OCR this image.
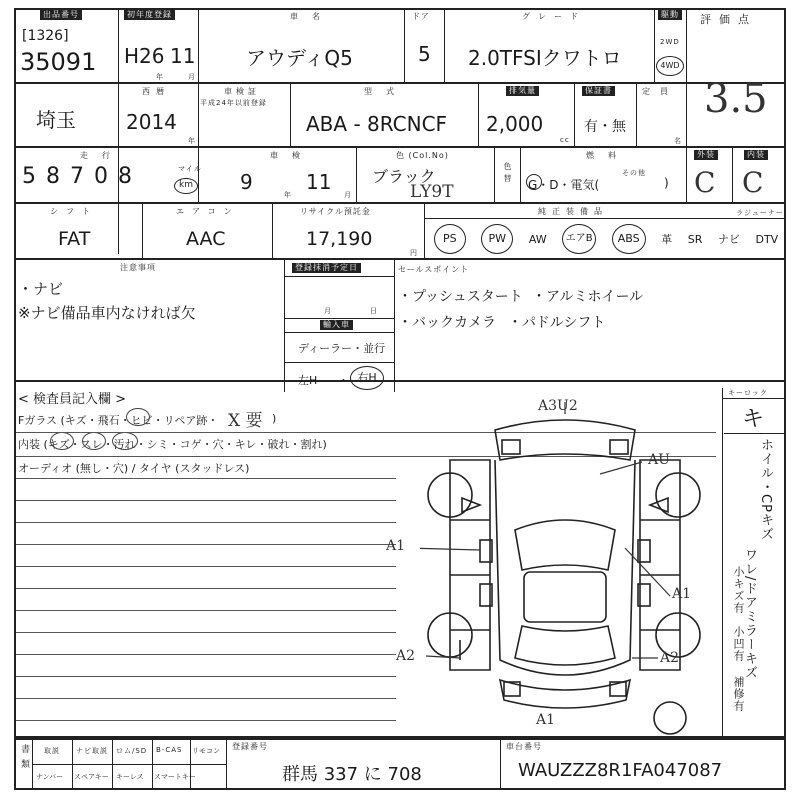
出品番号
[1326]
35091
初年度登録
H26 11
年	月
車名
アウディQ5
ドア
5
グレード
2.0TFSIクワトロ
駆動
2WD
4WD
評価点
3.5
埼玉
西暦
2014
年
車検証
平成24年以前登録
型式
ABA - 8RCNCF
排気量
2,000
cc
保証書
有・無
定員
名
走行
5 8 7 0 8	マイル
km
車検
9
年
11
月
色 (Col.No)
ブラック
LY9T
色替
燃料
G・D・電気(
その他
)
外装
C
内装
C
シフト
FAT
エアコン
AAC
リサイクル預託金
17,190
円
純正装備品	ラジューナー
PS	PW	AW	エアB	ABS	革 SR ナビ DTV
注意事項
・ナビ
※ナビ備品車内なければ欠
登録抹消予定日
月	日
輸入車
ディーラー・並行
左H ・ 右H
セールスポイント
・プッシュスタート ・アルミホイール
・バックカメラ ・パドルシフト
< 検査員記入欄 >
Fガラス (キズ・飛石・ヒビ・リペア跡・ X 要 )
内装 (キズ・スレ・汚れ・シミ・コゲ・穴・キレ・破れ・割れ)
オーディオ (無し・穴) / タイヤ (スタッドレス)
A3U2
AU
A1
A1
A2	A2
A1
キーロック
キ
ホイル・CPキズ
ワレ/ドアミラーキズ
小キズ有
小凹有
補修有
書類 取説 ナビ取説 ロム/SD B-CAS リモコン
ナンバー スペアキー キーレス スマートキー
登録番号
群馬 337 に 708
車台番号
WAUZZZ8R1FA047087
